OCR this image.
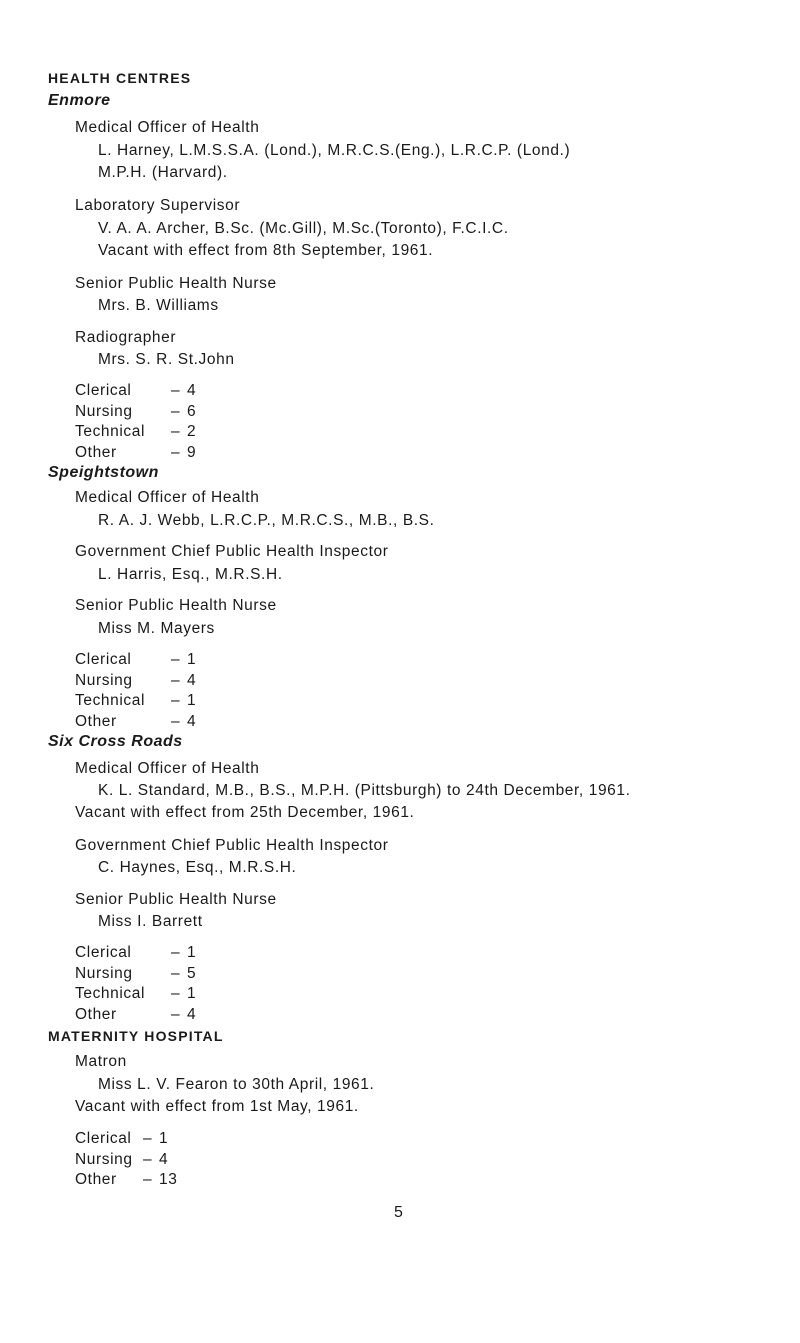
HEALTH CENTRES
Enmore

Medical Officer of Health

L. Harney, L.M.S.S.A. (Lond.), M.R.C.S.(Eng.), L.R.C.P. (Lond.)

M.P.H. (Harvard).

Laboratory Supervisor

V. A. A. Archer, B.Sc. (Mc.Gill), M.Sc.(Toronto), F.C.I.C.

Vacant with effect from 8th September, 1961.

Senior Public Health Nurse

Mrs. B. Williams

Radiographer

Mrs. S. R. St.John

Clerical	– 4
Nursing – 6
Technical – 2
Other	– 9
Speightstown

Medical Officer of Health

R. A. J. Webb, L.R.C.P., M.R.C.S., M.B., B.S.

Government Chief Public Health Inspector

L. Harris, Esq., M.R.S.H.

Senior Public Health Nurse

Miss M. Mayers

Clerical	– 1
Nursing – 4
Technical – 1
Other	– 4
Six Cross Roads

Medical Officer of Health

K. L. Standard, M.B., B.S., M.P.H. (Pittsburgh) to 24th December, 1961.

Vacant with effect from 25th December, 1961.

Government Chief Public Health Inspector

C. Haynes, Esq., M.R.S.H.

Senior Public Health Nurse

Miss I. Barrett

Clerical	– 1
Nursing – 5
Technical – 1
Other	– 4
MATERNITY HOSPITAL

Matron

Miss L. V. Fearon to 30th April, 1961.

Vacant with effect from 1st May, 1961.

Clerical – 1
Nursing – 4
Other – 13

5
